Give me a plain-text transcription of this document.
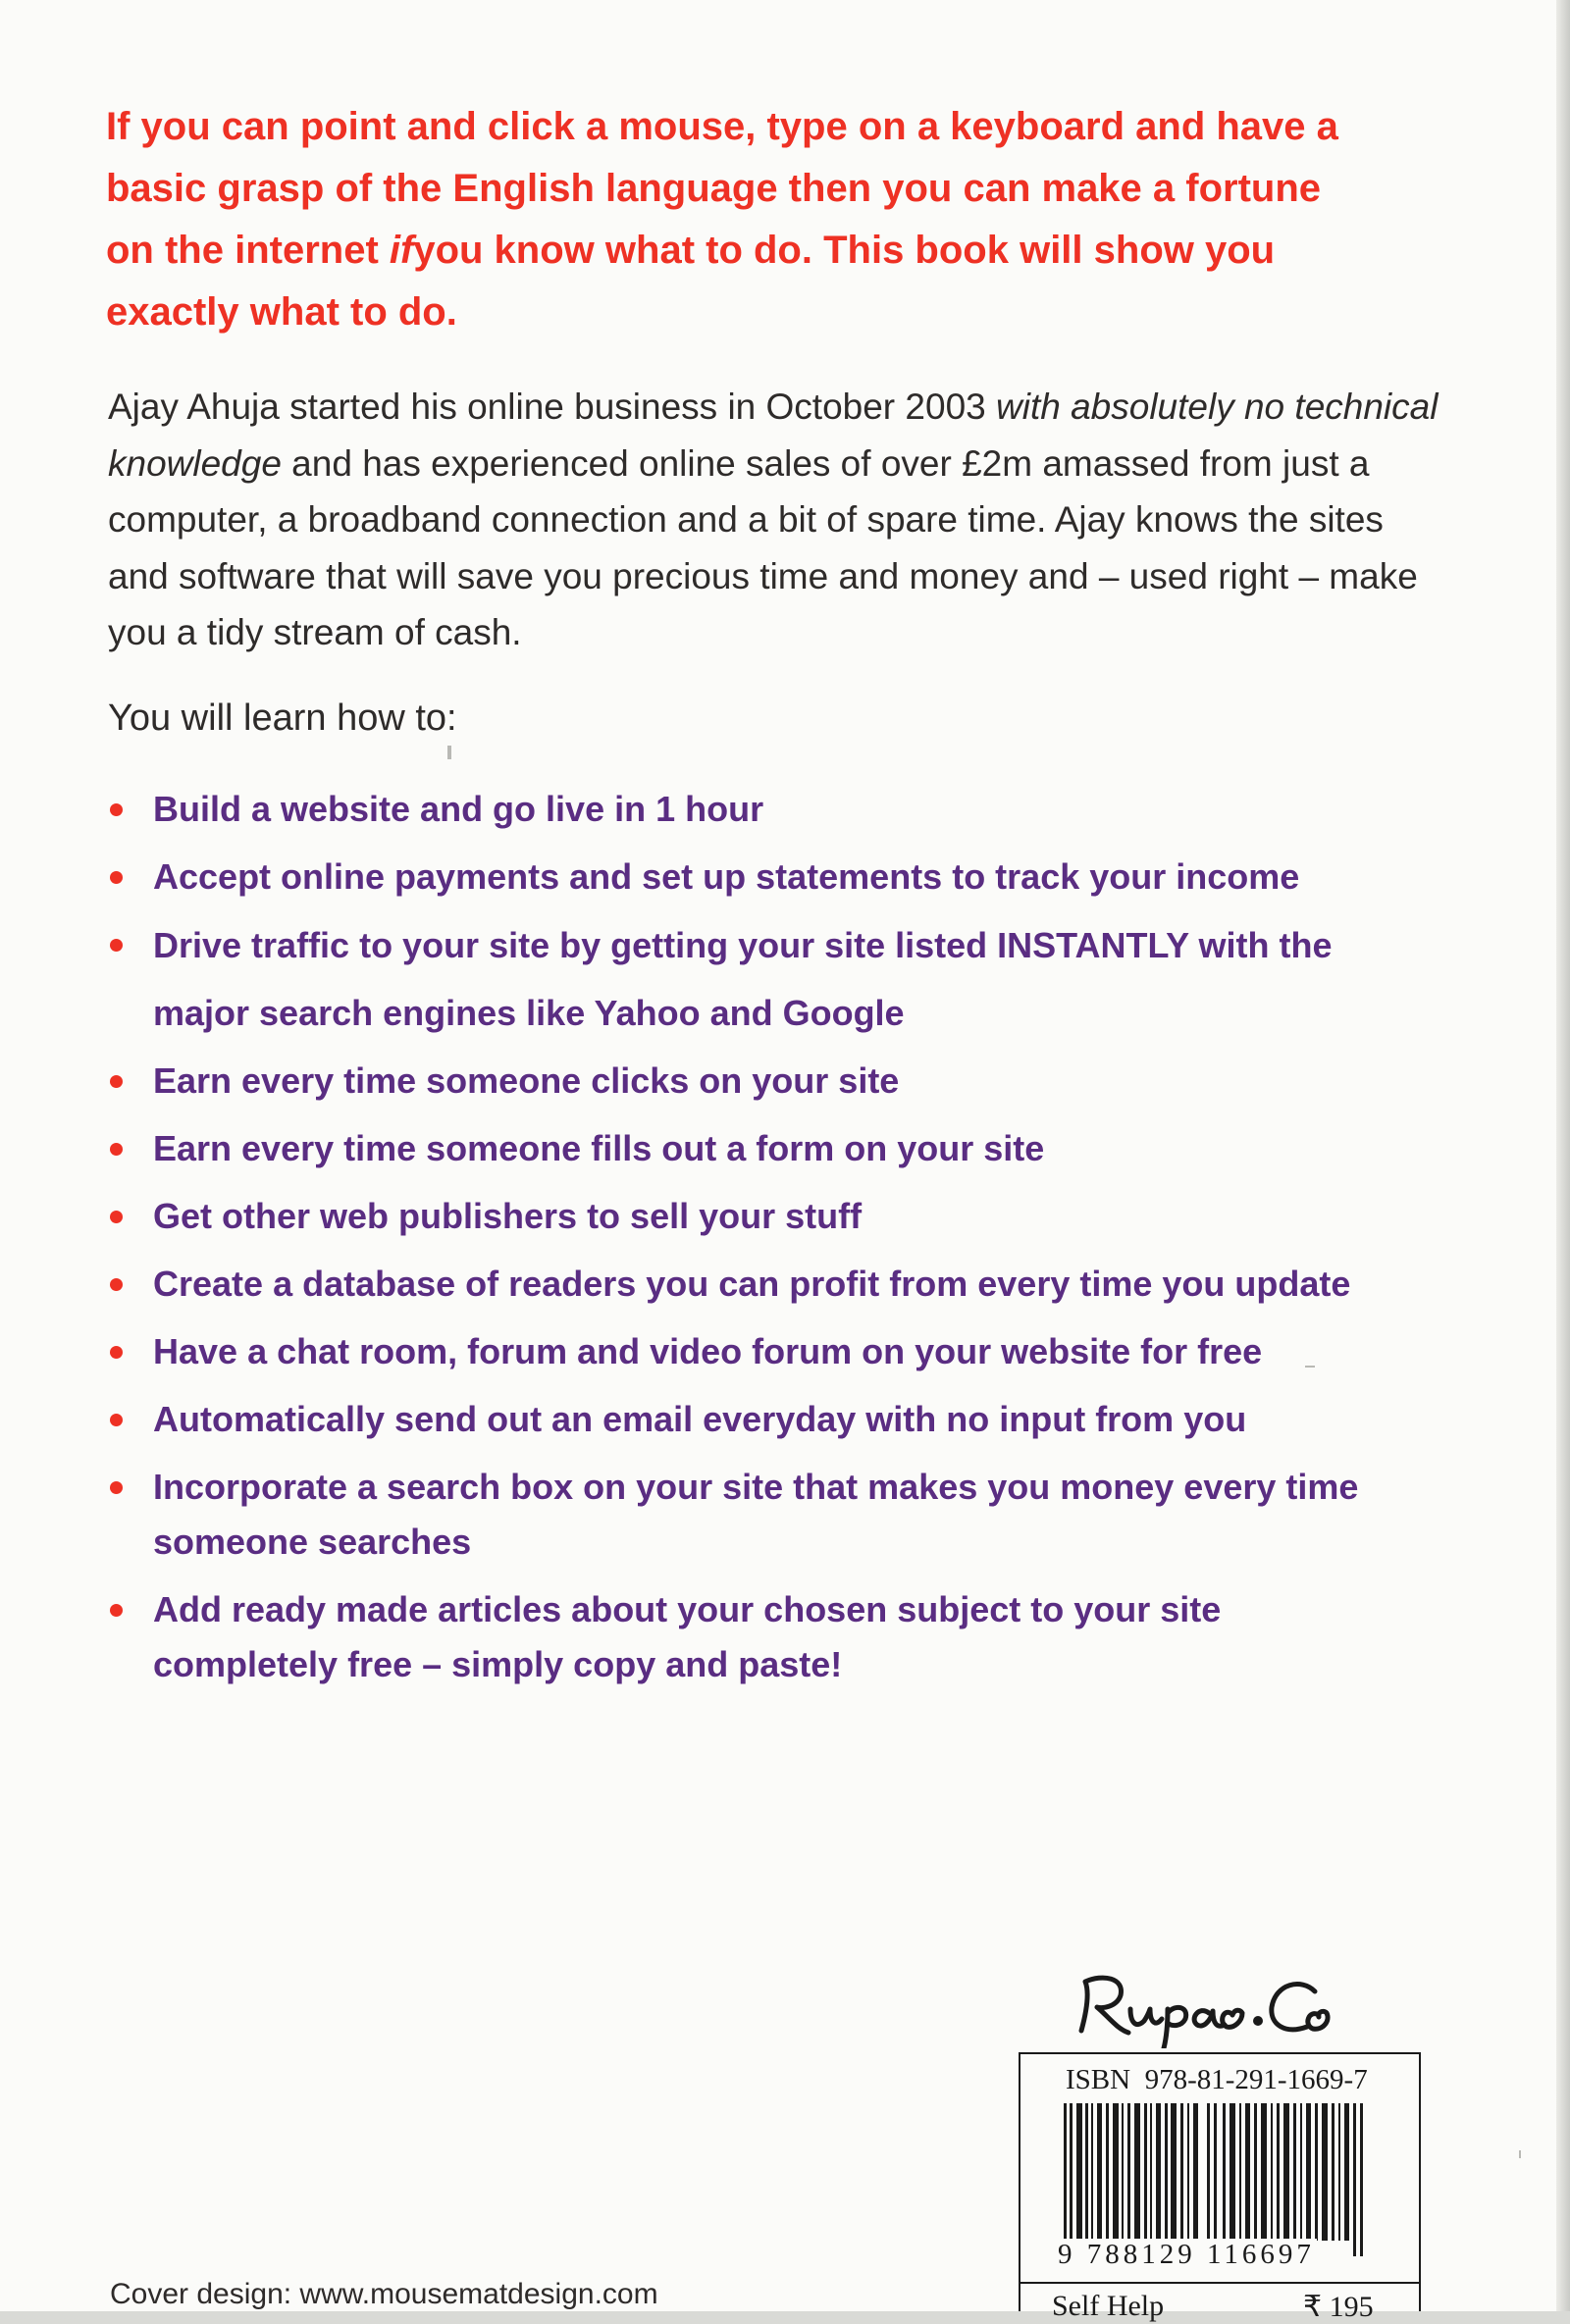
If you can point and click a mouse, type on a keyboard and have a basic grasp of the English language then you can make a fortune on the internet ifyou know what to do. This book will show you exactly what to do.

Ajay Ahuja started his online business in October 2003 with absolutely no technical knowledge and has experienced online sales of over £2m amassed from just a computer, a broadband connection and a bit of spare time. Ajay knows the sites and software that will save you precious time and money and – used right – make you a tidy stream of cash.

You will learn how to:

Build a website and go live in 1 hour
Accept online payments and set up statements to track your income
Drive traffic to your site by getting your site listed INSTANTLY with the major search engines like Yahoo and Google
Earn every time someone clicks on your site
Earn every time someone fills out a form on your site
Get other web publishers to sell your stuff
Create a database of readers you can profit from every time you update
Have a chat room, forum and video forum on your website for free
Automatically send out an email everyday with no input from you
Incorporate a search box on your site that makes you money every time someone searches
Add ready made articles about your chosen subject to your site completely free – simply copy and paste!
ISBN  978-81-291-1669-7
9 788129 116697
Self Help	₹ 195
Cover design: www.mousematdesign.com
